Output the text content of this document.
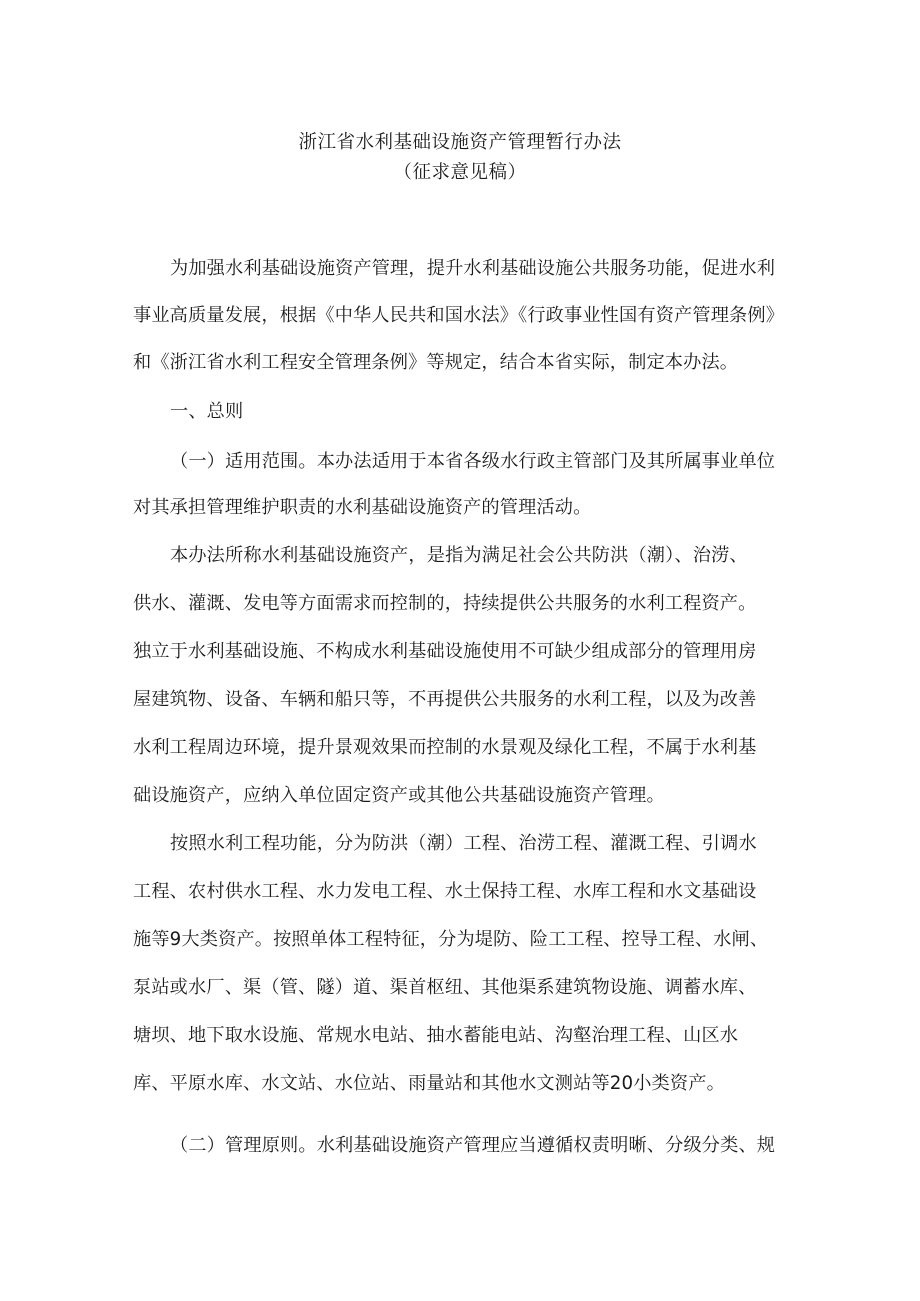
浙江省水利基础设施资产管理暂行办法
（征求意见稿）
为加强水利基础设施资产管理，提升水利基础设施公共服务功能，促进水利
事业高质量发展，根据《中华人民共和国水法》《行政事业性国有资产管理条例》
和《浙江省水利工程安全管理条例》等规定，结合本省实际，制定本办法。
一、总则
（一）适用范围。本办法适用于本省各级水行政主管部门及其所属事业单位
对其承担管理维护职责的水利基础设施资产的管理活动。
本办法所称水利基础设施资产，是指为满足社会公共防洪（潮）、治涝、
供水、灌溉、发电等方面需求而控制的，持续提供公共服务的水利工程资产。
独立于水利基础设施、不构成水利基础设施使用不可缺少组成部分的管理用房
屋建筑物、设备、车辆和船只等，不再提供公共服务的水利工程，以及为改善
水利工程周边环境，提升景观效果而控制的水景观及绿化工程，不属于水利基
础设施资产，应纳入单位固定资产或其他公共基础设施资产管理。
按照水利工程功能，分为防洪（潮）工程、治涝工程、灌溉工程、引调水
工程、农村供水工程、水力发电工程、水土保持工程、水库工程和水文基础设
施等9大类资产。按照单体工程特征，分为堤防、险工工程、控导工程、水闸、
泵站或水厂、渠（管、隧）道、渠首枢纽、其他渠系建筑物设施、调蓄水库、
塘坝、地下取水设施、常规水电站、抽水蓄能电站、沟壑治理工程、山区水
库、平原水库、水文站、水位站、雨量站和其他水文测站等20小类资产。
（二）管理原则。水利基础设施资产管理应当遵循权责明晰、分级分类、规
